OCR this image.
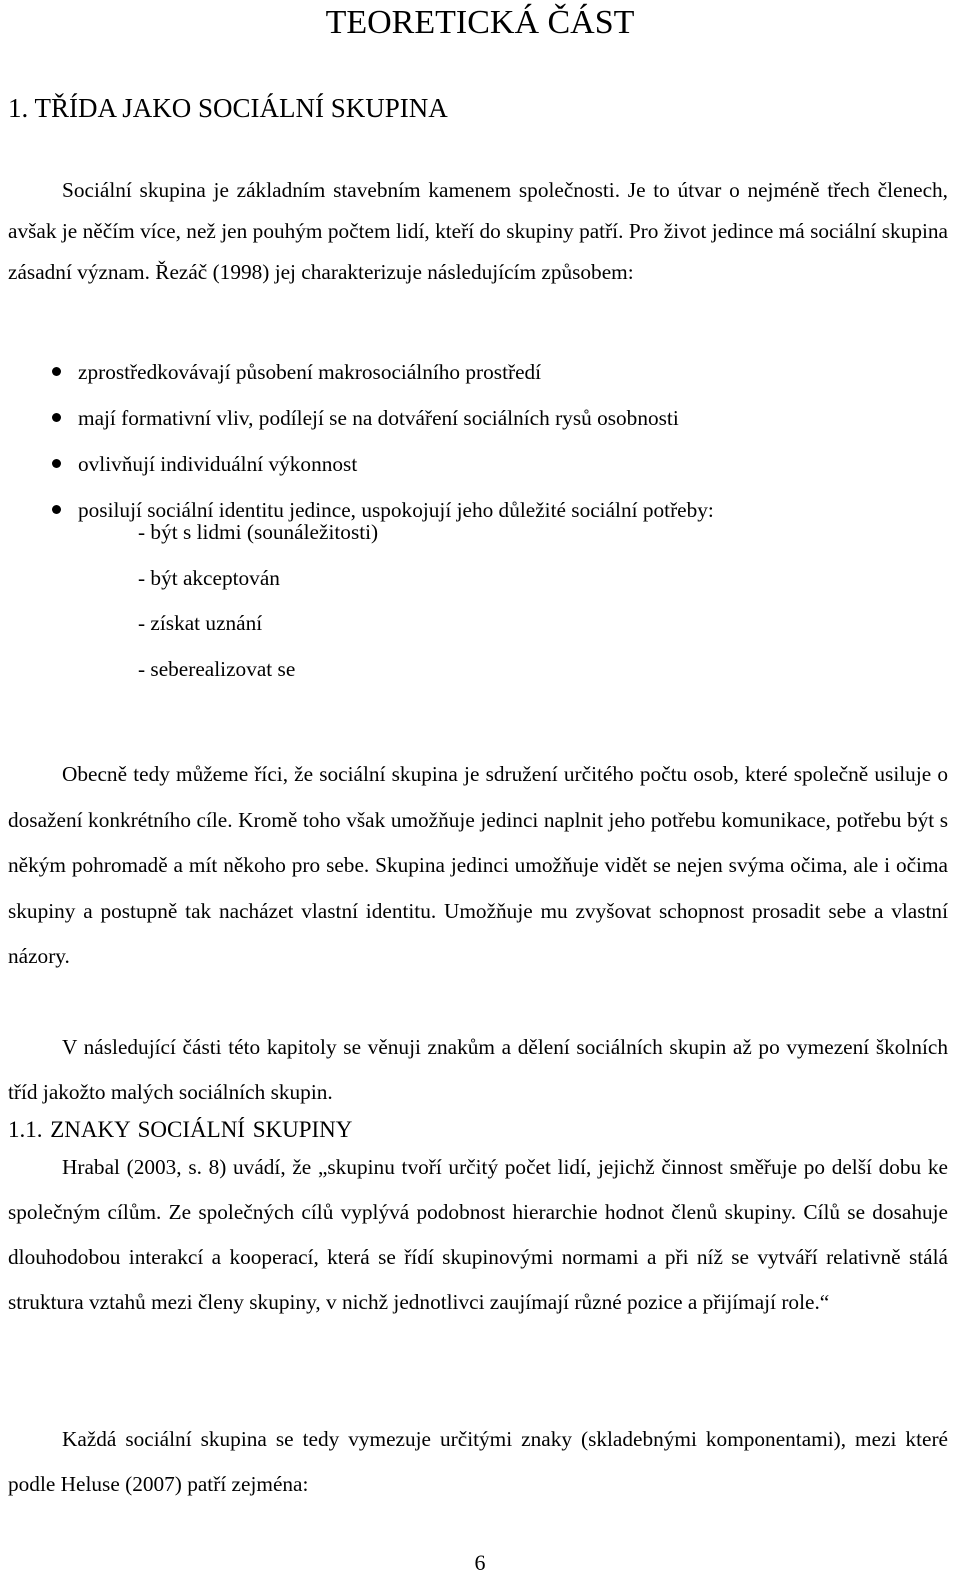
TEORETICKÁ ČÁST
1. TŘÍDA JAKO SOCIÁLNÍ SKUPINA

Sociální skupina je základním stavebním kamenem společnosti. Je to útvar o nejméně třech členech, avšak je něčím více, než jen pouhým počtem lidí, kteří do skupiny patří. Pro život jedince má sociální skupina zásadní význam. Řezáč (1998) jej charakterizuje následujícím způsobem:

zprostředkovávají působení makrosociálního prostředí
mají formativní vliv, podílejí se na dotváření sociálních rysů osobnosti
ovlivňují individuální výkonnost
posilují sociální identitu jedince, uspokojují jeho důležité sociální potřeby:
- být s lidmi (sounáležitosti)
- být akceptován
- získat uznání
- seberealizovat se

Obecně tedy můžeme říci, že sociální skupina je sdružení určitého počtu osob, které společně usiluje o dosažení konkrétního cíle. Kromě toho však umožňuje jedinci naplnit jeho potřebu komunikace, potřebu být s někým pohromadě a mít někoho pro sebe. Skupina jedinci umožňuje vidět se nejen svýma očima, ale i očima skupiny a postupně tak nacházet vlastní identitu. Umožňuje mu zvyšovat schopnost prosadit sebe a vlastní názory.

V následující části této kapitoly se věnuji znakům a dělení sociálních skupin až po vymezení školních tříd jakožto malých sociálních skupin.

1.1. ZNAKY SOCIÁLNÍ SKUPINY

Hrabal (2003, s. 8) uvádí, že „skupinu tvoří určitý počet lidí, jejichž činnost směřuje po delší dobu ke společným cílům. Ze společných cílů vyplývá podobnost hierarchie hodnot členů skupiny. Cílů se dosahuje dlouhodobou interakcí a kooperací, která se řídí skupinovými normami a při níž se vytváří relativně stálá struktura vztahů mezi členy skupiny, v nichž jednotlivci zaujímají různé pozice a přijímají role.“

Každá sociální skupina se tedy vymezuje určitými znaky (skladebnými komponentami), mezi které podle Heluse (2007) patří zejména:

6
